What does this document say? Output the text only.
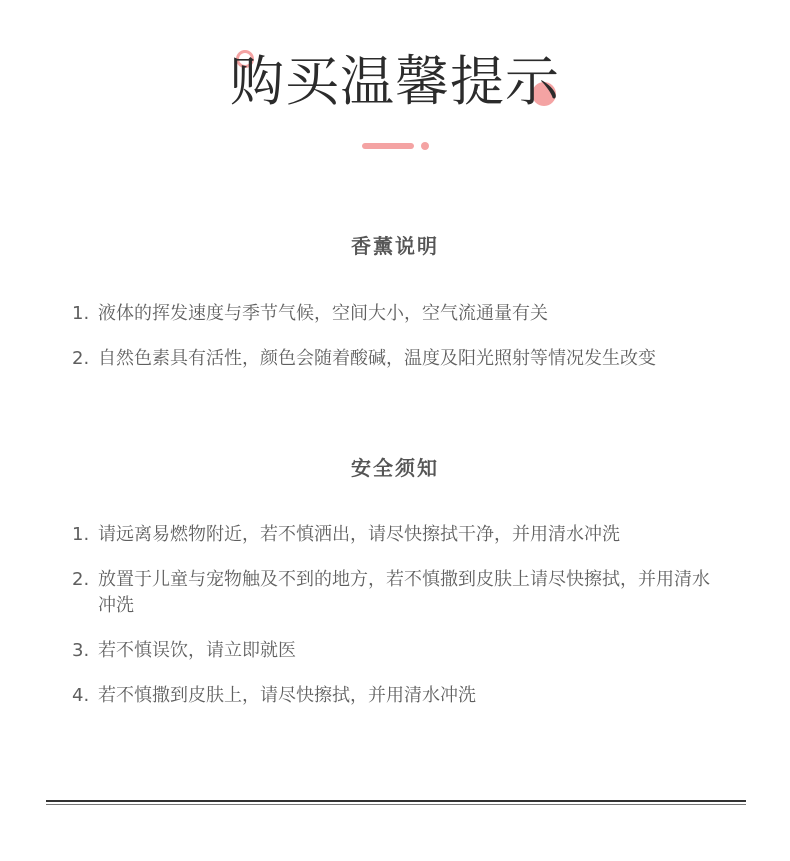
购买温馨提示
香薰说明
1. 液体的挥发速度与季节气候，空间大小，空气流通量有关
2. 自然色素具有活性，颜色会随着酸碱，温度及阳光照射等情况发生改变
安全须知
1. 请远离易燃物附近，若不慎洒出，请尽快擦拭干净，并用清水冲洗
2. 放置于儿童与宠物触及不到的地方，若不慎撒到皮肤上请尽快擦拭，并用清水冲洗
3. 若不慎误饮，请立即就医
4. 若不慎撒到皮肤上，请尽快擦拭，并用清水冲洗
